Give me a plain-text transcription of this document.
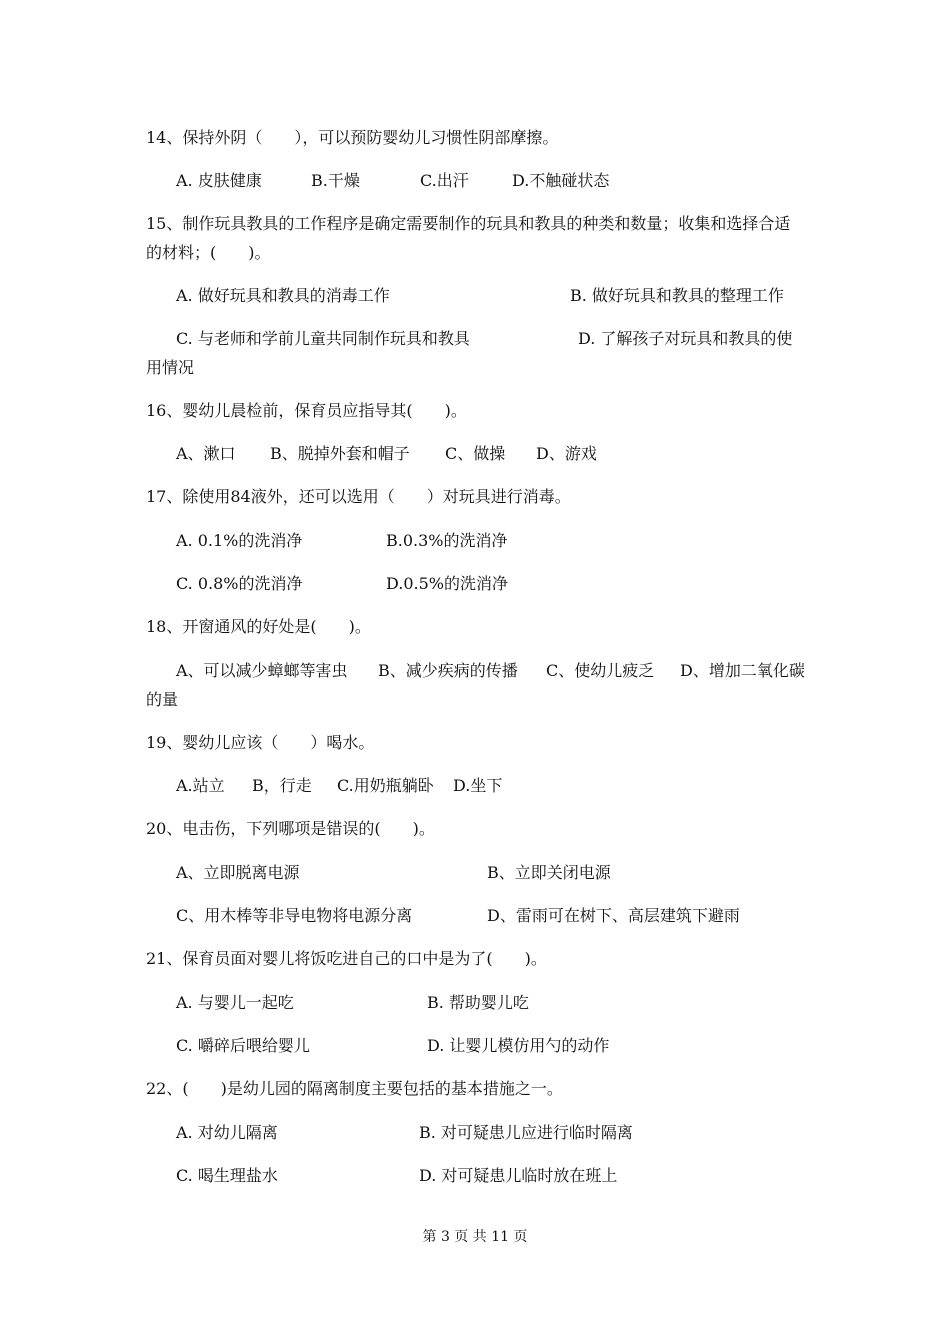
14、保持外阴（　　），可以预防婴幼儿习惯性阴部摩擦。
A. 皮肤健康	B.干燥	C.出汗	D.不触碰状态
15、制作玩具教具的工作程序是确定需要制作的玩具和教具的种类和数量；收集和选择合适
的材料；(　　)。
A. 做好玩具和教具的消毒工作	B. 做好玩具和教具的整理工作
C. 与老师和学前儿童共同制作玩具和教具	D. 了解孩子对玩具和教具的使
用情况
16、婴幼儿晨检前，保育员应指导其(　　)。
A、漱口 B、脱掉外套和帽子 C、做操 D、游戏
17、除使用84液外，还可以选用（　　）对玩具进行消毒。
A. 0.1%的洗消净	B.0.3%的洗消净
C. 0.8%的洗消净	D.0.5%的洗消净
18、开窗通风的好处是(　　)。
A、可以减少蟑螂等害虫 B、减少疾病的传播 C、使幼儿疲乏 D、增加二氧化碳
的量
19、婴幼儿应该（　　）喝水。
A.站立 B，行走 C.用奶瓶躺卧 D.坐下
20、电击伤，下列哪项是错误的(　　)。
A、立即脱离电源	B、立即关闭电源
C、用木棒等非导电物将电源分离	D、雷雨可在树下、高层建筑下避雨
21、保育员面对婴儿将饭吃进自己的口中是为了(　　)。
A. 与婴儿一起吃	B. 帮助婴儿吃
C. 嚼碎后喂给婴儿	D. 让婴儿模仿用勺的动作
22、(　　)是幼儿园的隔离制度主要包括的基本措施之一。
A. 对幼儿隔离	B. 对可疑患儿应进行临时隔离
C. 喝生理盐水	D. 对可疑患儿临时放在班上
第 3 页 共 11 页
